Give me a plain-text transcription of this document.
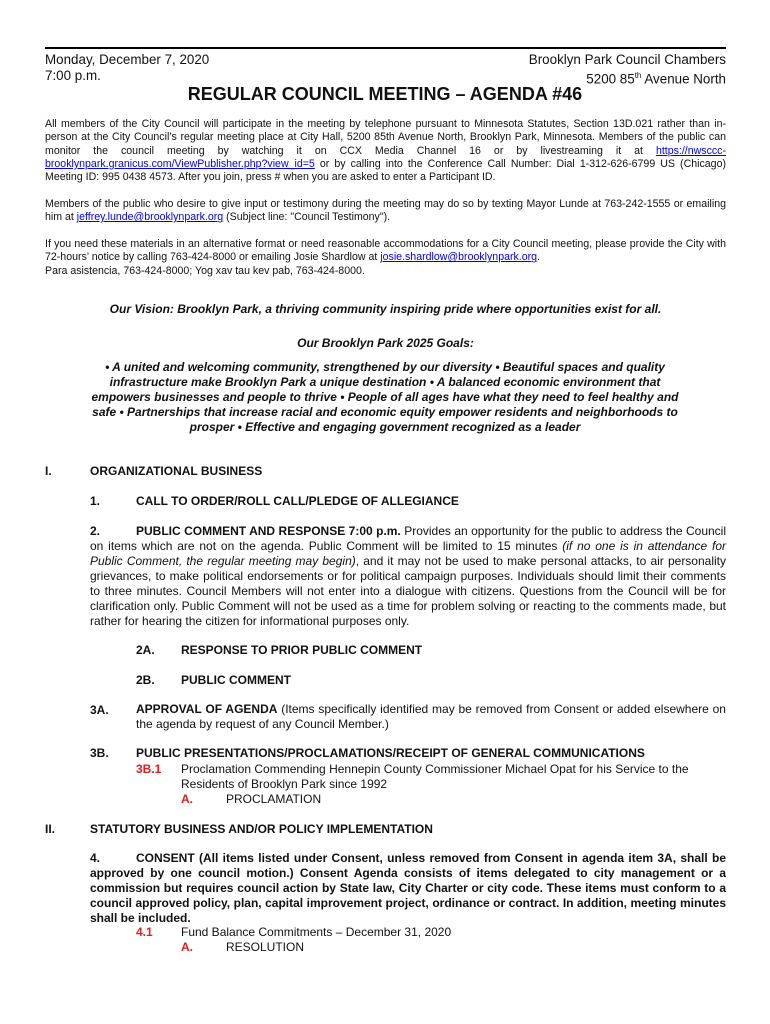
Monday, December 7, 2020
7:00 p.m.
Brooklyn Park Council Chambers
5200 85th Avenue North
REGULAR COUNCIL MEETING – AGENDA #46
All members of the City Council will participate in the meeting by telephone pursuant to Minnesota Statutes, Section 13D.021 rather than in-person at the City Council’s regular meeting place at City Hall, 5200 85th Avenue North, Brooklyn Park, Minnesota. Members of the public can monitor the council meeting by watching it on CCX Media Channel 16 or by livestreaming it at https://nwsccc-brooklynpark.granicus.com/ViewPublisher.php?view_id=5 or by calling into the Conference Call Number: Dial 1-312-626-6799 US (Chicago) Meeting ID: 995 0438 4573. After you join, press # when you are asked to enter a Participant ID.
Members of the public who desire to give input or testimony during the meeting may do so by texting Mayor Lunde at 763-242-1555 or emailing him at jeffrey.lunde@brooklynpark.org (Subject line: "Council Testimony").
If you need these materials in an alternative format or need reasonable accommodations for a City Council meeting, please provide the City with 72-hours’ notice by calling 763-424-8000 or emailing Josie Shardlow at josie.shardlow@brooklynpark.org.
Para asistencia, 763-424-8000; Yog xav tau kev pab, 763-424-8000.
Our Vision: Brooklyn Park, a thriving community inspiring pride where opportunities exist for all.
Our Brooklyn Park 2025 Goals:
• A united and welcoming community, strengthened by our diversity • Beautiful spaces and quality infrastructure make Brooklyn Park a unique destination • A balanced economic environment that empowers businesses and people to thrive • People of all ages have what they need to feel healthy and safe • Partnerships that increase racial and economic equity empower residents and neighborhoods to prosper • Effective and engaging government recognized as a leader
I.	ORGANIZATIONAL BUSINESS
1.	CALL TO ORDER/ROLL CALL/PLEDGE OF ALLEGIANCE
2.	PUBLIC COMMENT AND RESPONSE 7:00 p.m. Provides an opportunity for the public to address the Council on items which are not on the agenda. Public Comment will be limited to 15 minutes (if no one is in attendance for Public Comment, the regular meeting may begin), and it may not be used to make personal attacks, to air personality grievances, to make political endorsements or for political campaign purposes. Individuals should limit their comments to three minutes. Council Members will not enter into a dialogue with citizens. Questions from the Council will be for clarification only. Public Comment will not be used as a time for problem solving or reacting to the comments made, but rather for hearing the citizen for informational purposes only.
2A. RESPONSE TO PRIOR PUBLIC COMMENT
2B. PUBLIC COMMENT
3A. APPROVAL OF AGENDA (Items specifically identified may be removed from Consent or added elsewhere on the agenda by request of any Council Member.)
3B. PUBLIC PRESENTATIONS/PROCLAMATIONS/RECEIPT OF GENERAL COMMUNICATIONS
3B.1 Proclamation Commending Hennepin County Commissioner Michael Opat for his Service to the Residents of Brooklyn Park since 1992
A.	PROCLAMATION
II.	STATUTORY BUSINESS AND/OR POLICY IMPLEMENTATION
4.	CONSENT (All items listed under Consent, unless removed from Consent in agenda item 3A, shall be approved by one council motion.) Consent Agenda consists of items delegated to city management or a commission but requires council action by State law, City Charter or city code. These items must conform to a council approved policy, plan, capital improvement project, ordinance or contract. In addition, meeting minutes shall be included.
4.1 Fund Balance Commitments – December 31, 2020
A.	RESOLUTION
